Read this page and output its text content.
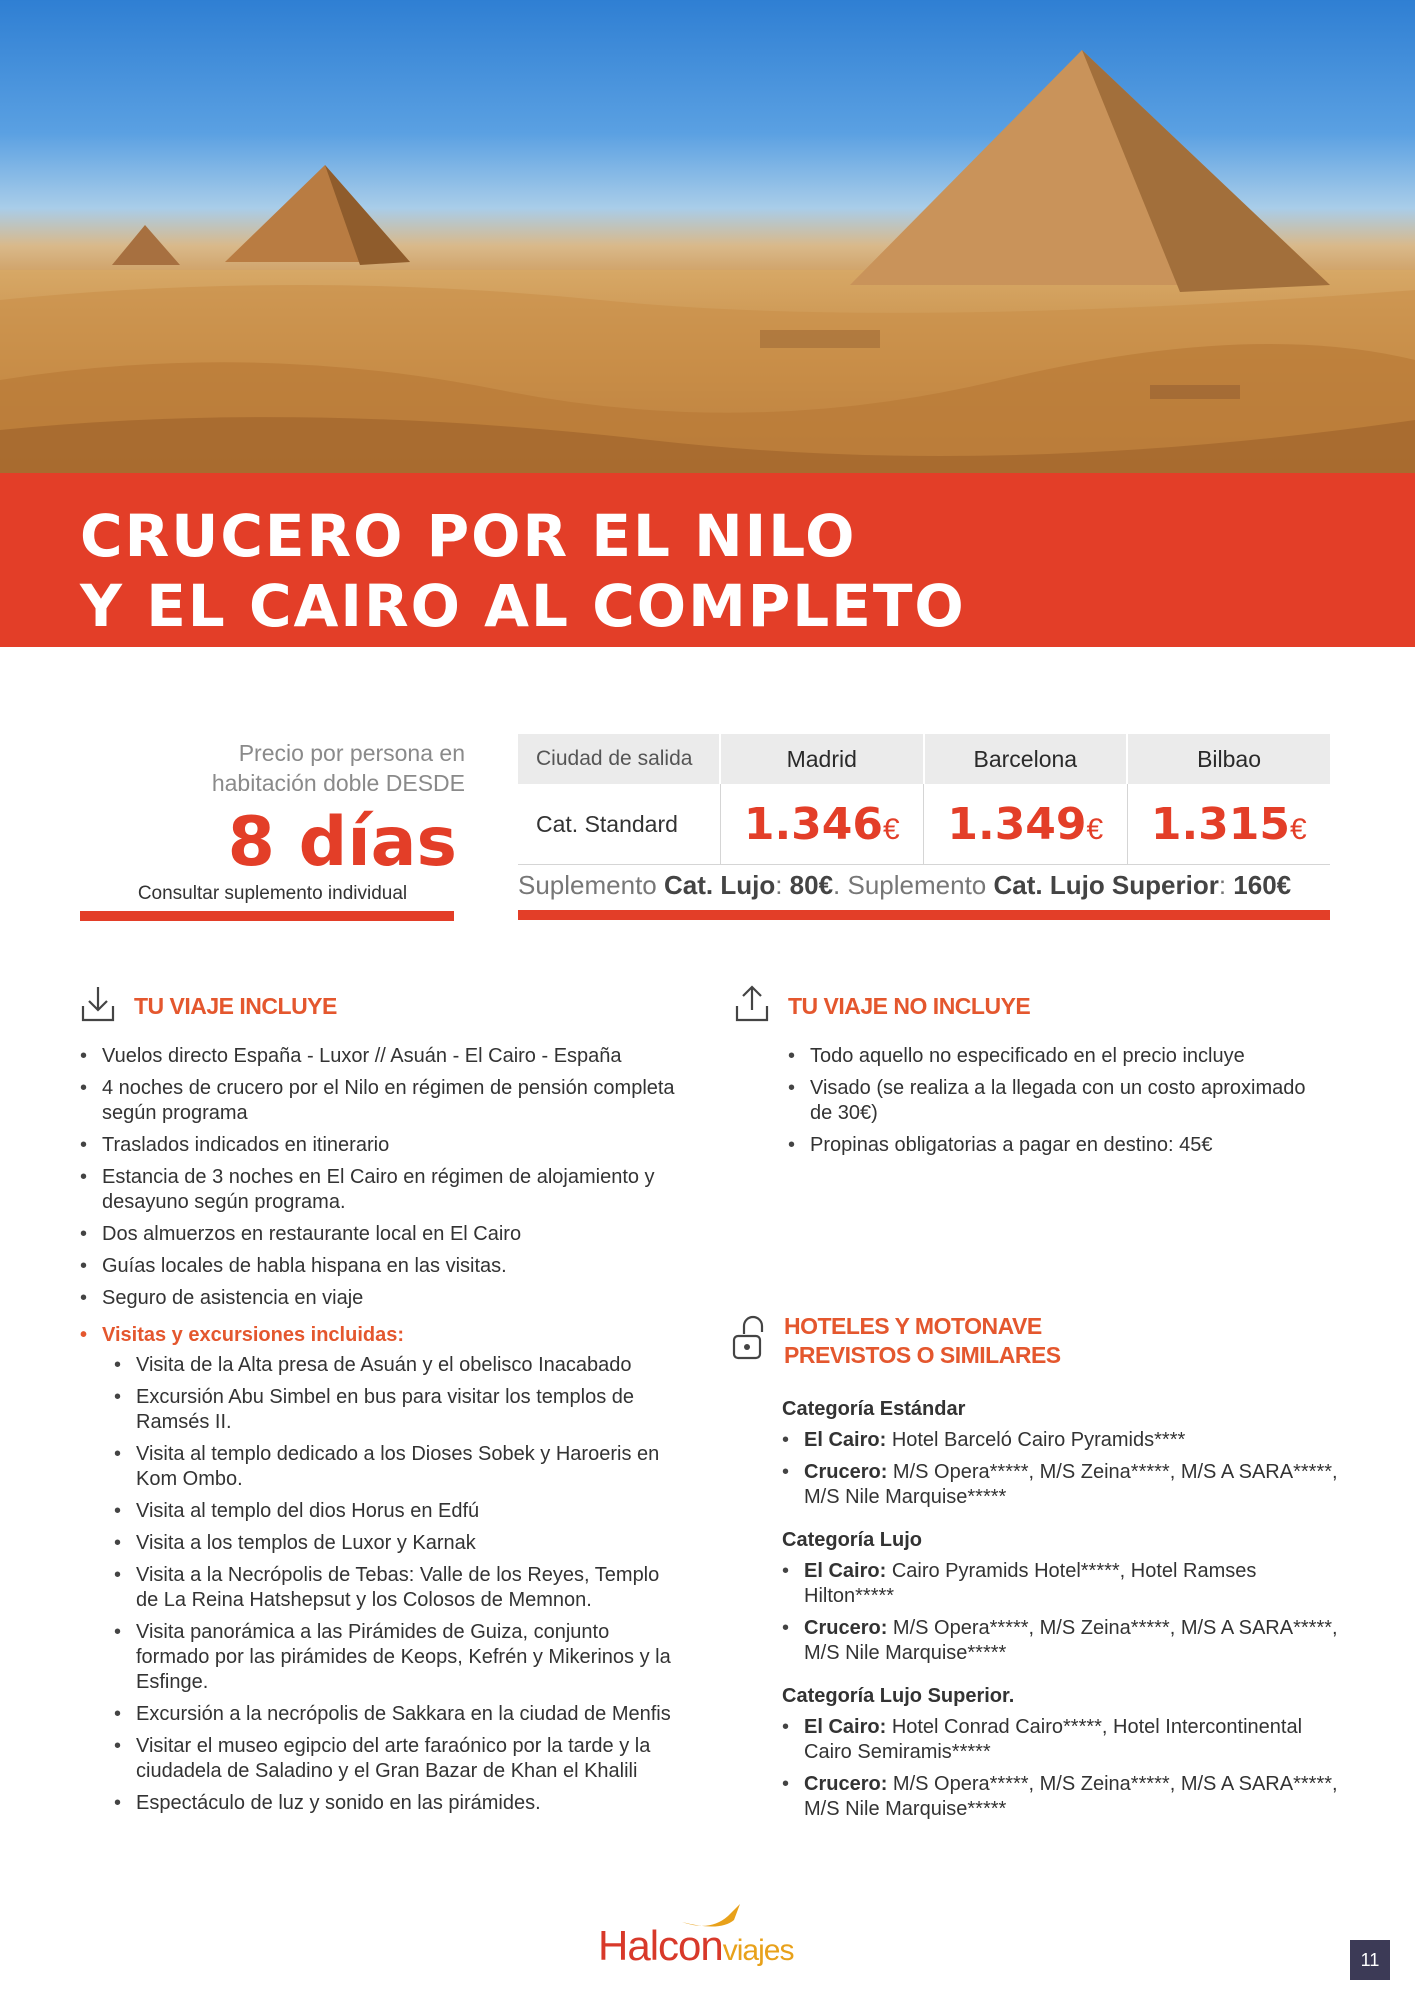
CRUCERO POR EL NILO
Y EL CAIRO AL COMPLETO
Precio por persona en
habitación doble DESDE
8 días
Consultar suplemento individual
Ciudad de salida	Madrid	Barcelona	Bilbao
Cat. Standard	1.346€	1.349€	1.315€
Suplemento Cat. Lujo: 80€. Suplemento Cat. Lujo Superior: 160€
TU VIAJE INCLUYE
• Vuelos directo España - Luxor // Asuán - El Cairo - España
• 4 noches de crucero por el Nilo en régimen de pensión completa según programa
• Traslados indicados en itinerario
• Estancia de 3 noches en El Cairo en régimen de alojamiento y desayuno según programa.
• Dos almuerzos en restaurante local en El Cairo
• Guías locales de habla hispana en las visitas.
• Seguro de asistencia en viaje
• Visitas y excursiones incluidas:
• Visita de la Alta presa de Asuán y el obelisco Inacabado
• Excursión Abu Simbel en bus para visitar los templos de Ramsés II.
• Visita al templo dedicado a los Dioses Sobek y Haroeris en Kom Ombo.
• Visita al templo del dios Horus en Edfú
• Visita a los templos de Luxor y Karnak
• Visita a la Necrópolis de Tebas: Valle de los Reyes, Templo de La Reina Hatshepsut y los Colosos de Memnon.
• Visita panorámica a las Pirámides de Guiza, conjunto formado por las pirámides de Keops, Kefrén y Mikerinos y la Esfinge.
• Excursión a la necrópolis de Sakkara en la ciudad de Menfis
• Visitar el museo egipcio del arte faraónico por la tarde y la ciudadela de Saladino y el Gran Bazar de Khan el Khalili
• Espectáculo de luz y sonido en las pirámides.
TU VIAJE NO INCLUYE
• Todo aquello no especificado en el precio incluye
• Visado (se realiza a la llegada con un costo aproximado de 30€)
• Propinas obligatorias a pagar en destino: 45€
HOTELES Y MOTONAVE
PREVISTOS O SIMILARES
Categoría Estándar
• El Cairo: Hotel Barceló Cairo Pyramids****
• Crucero: M/S Opera*****, M/S Zeina*****, M/S A SARA*****, M/S Nile Marquise*****
Categoría Lujo
• El Cairo: Cairo Pyramids Hotel*****, Hotel Ramses Hilton*****
• Crucero: M/S Opera*****, M/S Zeina*****, M/S A SARA*****, M/S Nile Marquise*****
Categoría Lujo Superior.
• El Cairo: Hotel Conrad Cairo*****, Hotel Intercontinental Cairo Semiramis*****
• Crucero: M/S Opera*****, M/S Zeina*****, M/S A SARA*****, M/S Nile Marquise*****
Halconviajes	11
